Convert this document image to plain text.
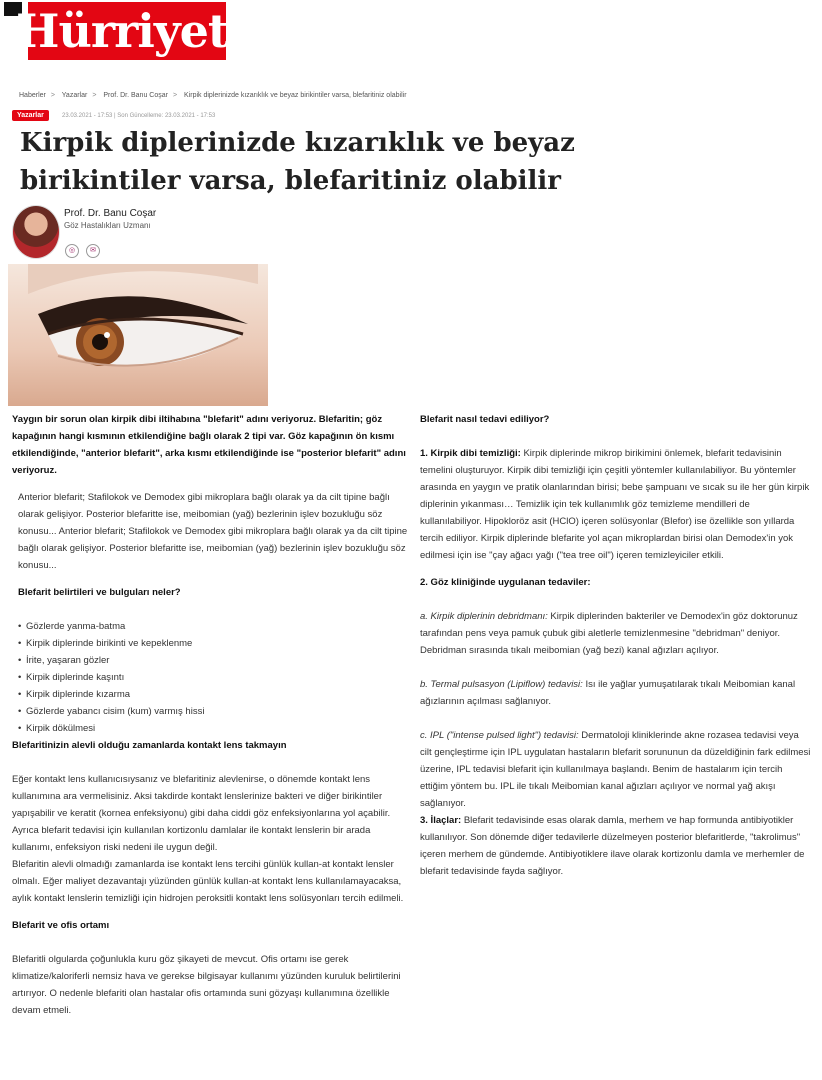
Hürriyet
Haberler > Yazarlar > Prof. Dr. Banu Coşar > Kirpik diplerinizde kızarıklık ve beyaz birikintiler varsa, blefaritiniz olabilir
Yazarlar	23.03.2021 - 17:53 | Son Güncelleme: 23.03.2021 - 17:53
Kirpik diplerinizde kızarıklık ve beyaz birikintiler varsa, blefaritiniz olabilir
Prof. Dr. Banu Coşar
Göz Hastalıkları Uzmanı
◎	✉

Yaygın bir sorun olan kirpik dibi iltihabına "blefarit" adını veriyoruz. Blefaritin; göz kapağının hangi kısmının etkilendiğine bağlı olarak 2 tipi var. Göz kapağının ön kısmı etkilendiğinde, "anterior blefarit", arka kısmı etkilendiğinde ise "posterior blefarit" adını veriyoruz.

Anterior blefarit; Stafilokok ve Demodex gibi mikroplara bağlı olarak ya da cilt tipine bağlı olarak gelişiyor. Posterior blefaritte ise, meibomian (yağ) bezlerinin işlev bozukluğu söz konusu... Anterior blefarit; Stafilokok ve Demodex gibi mikroplara bağlı olarak ya da cilt tipine bağlı olarak gelişiyor. Posterior blefaritte ise, meibomian (yağ) bezlerinin işlev bozukluğu söz konusu...

Blefarit belirtileri ve bulguları neler?

• Gözlerde yanma-batma
• Kirpik diplerinde birikinti ve kepeklenme
• İrite, yaşaran gözler
• Kirpik diplerinde kaşıntı
• Kirpik diplerinde kızarma
• Gözlerde yabancı cisim (kum) varmış hissi
• Kirpik dökülmesi

Blefaritinizin alevli olduğu zamanlarda kontakt lens takmayın

Eğer kontakt lens kullanıcısıysanız ve blefaritiniz alevlenirse, o dönemde kontakt lens kullanımına ara vermelisiniz. Aksi takdirde kontakt lenslerinize bakteri ve diğer birikintiler yapışabilir ve keratit (kornea enfeksiyonu) gibi daha ciddi göz enfeksiyonlarına yol açabilir. Ayrıca blefarit tedavisi için kullanılan kortizonlu damlalar ile kontakt lenslerin bir arada kullanımı, enfeksiyon riski nedeni ile uygun değil.

Blefaritin alevli olmadığı zamanlarda ise kontakt lens tercihi günlük kullan-at kontakt lensler olmalı. Eğer maliyet dezavantajı yüzünden günlük kullan-at kontakt lens kullanılamayacaksa, aylık kontakt lenslerin temizliği için hidrojen peroksitli kontakt lens solüsyonları tercih edilmeli.

Blefarit ve ofis ortamı

Blefaritli olgularda çoğunlukla kuru göz şikayeti de mevcut. Ofis ortamı ise gerek klimatize/kaloriferli nemsiz hava ve gerekse bilgisayar kullanımı yüzünden kuruluk belirtilerini artırıyor. O nedenle blefariti olan hastalar ofis ortamında suni gözyaşı kullanımına özellikle devam etmeli.

Blefarit nasıl tedavi ediliyor?

1. Kirpik dibi temizliği: Kirpik diplerinde mikrop birikimini önlemek, blefarit tedavisinin temelini oluşturuyor. Kirpik dibi temizliği için çeşitli yöntemler kullanılabiliyor. Bu yöntemler arasında en yaygın ve pratik olanlarından birisi; bebe şampuanı ve sıcak su ile her gün kirpik diplerinin yıkanması… Temizlik için tek kullanımlık göz temizleme mendilleri de kullanılabiliyor. Hipokloröz asit (HClO) içeren solüsyonlar (Blefor) ise özellikle son yıllarda tercih ediliyor. Kirpik diplerinde blefarite yol açan mikroplardan birisi olan Demodex'in yok edilmesi için ise "çay ağacı yağı ("tea tree oil") içeren temizleyiciler etkili.

2. Göz kliniğinde uygulanan tedaviler:

a. Kirpik diplerinin debridmanı: Kirpik diplerinden bakteriler ve Demodex'in göz doktorunuz tarafından pens veya pamuk çubuk gibi aletlerle temizlenmesine "debridman" deniyor. Debridman sırasında tıkalı meibomian (yağ bezi) kanal ağızları açılıyor.

b. Termal pulsasyon (Lipiflow) tedavisi: Isı ile yağlar yumuşatılarak tıkalı Meibomian kanal ağızlarının açılması sağlanıyor.

c. IPL ("intense pulsed light") tedavisi: Dermatoloji kliniklerinde akne rozasea tedavisi veya cilt gençleştirme için IPL uygulatan hastaların blefarit sorununun da düzeldiğinin fark edilmesi üzerine, IPL tedavisi blefarit için kullanılmaya başlandı. Benim de hastalarım için tercih ettiğim yöntem bu. IPL ile tıkalı Meibomian kanal ağızları açılıyor ve normal yağ akışı sağlanıyor.

3. İlaçlar: Blefarit tedavisinde esas olarak damla, merhem ve hap formunda antibiyotikler kullanılıyor. Son dönemde diğer tedavilerle düzelmeyen posterior blefaritlerde, "takrolimus" içeren merhem de gündemde. Antibiyotiklere ilave olarak kortizonlu damla ve merhemler de blefarit tedavisinde fayda sağlıyor.
